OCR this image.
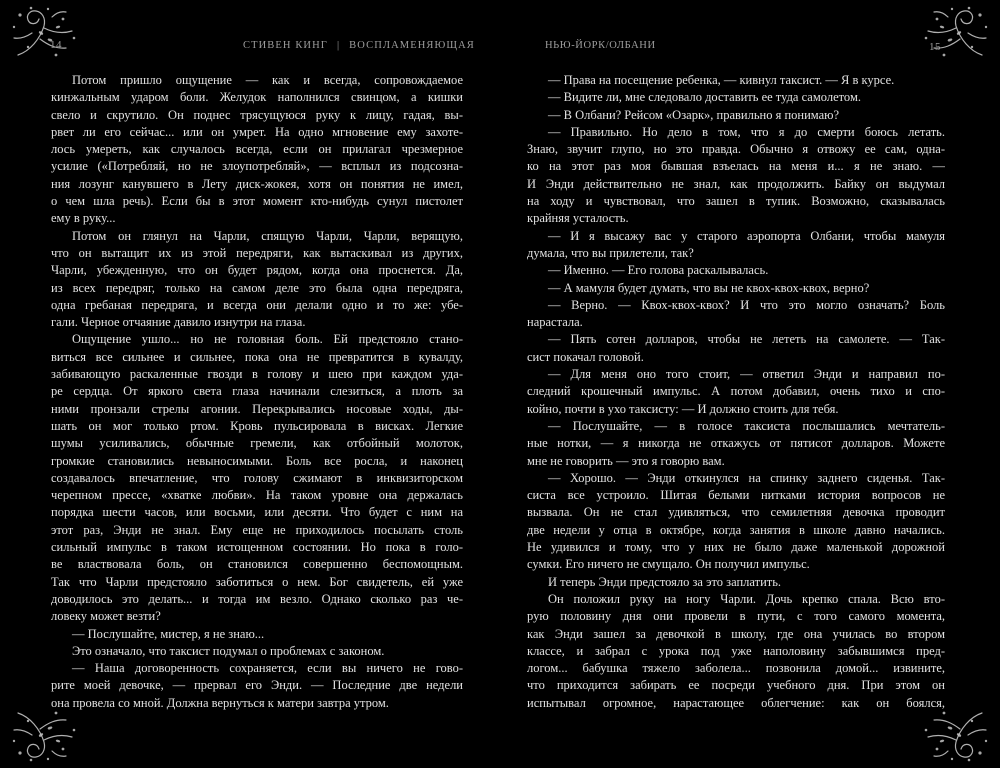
14	СТИВЕН КИНГ | ВОСПЛАМЕНЯЮЩАЯ	НЬЮ-ЙОРК/ОЛБАНИ	15
Потом пришло ощущение — как и всегда, сопровождаемое
кинжальным ударом боли. Желудок наполнился свинцом, а кишки
свело и скрутило. Он поднес трясущуюся руку к лицу, гадая, вы-
рвет ли его сейчас... или он умрет. На одно мгновение ему захоте-
лось умереть, как случалось всегда, если он прилагал чрезмерное
усилие («Потребляй, но не злоупотребляй», — всплыл из подсозна-
ния лозунг канувшего в Лету диск-жокея, хотя он понятия не имел,
о чем шла речь). Если бы в этот момент кто-нибудь сунул пистолет
ему в руку...
Потом он глянул на Чарли, спящую Чарли, Чарли, верящую,
что он вытащит их из этой передряги, как вытаскивал из других,
Чарли, убежденную, что он будет рядом, когда она проснется. Да,
из всех передряг, только на самом деле это была одна передряга,
одна гребаная передряга, и всегда они делали одно и то же: убе-
гали. Черное отчаяние давило изнутри на глаза.
Ощущение ушло... но не головная боль. Ей предстояло стано-
виться все сильнее и сильнее, пока она не превратится в кувалду,
забивающую раскаленные гвозди в голову и шею при каждом уда-
ре сердца. От яркого света глаза начинали слезиться, а плоть за
ними пронзали стрелы агонии. Перекрывались носовые ходы, ды-
шать он мог только ртом. Кровь пульсировала в висках. Легкие
шумы усиливались, обычные гремели, как отбойный молоток,
громкие становились невыносимыми. Боль все росла, и наконец
создавалось впечатление, что голову сжимают в инквизиторском
черепном прессе, «хватке любви». На таком уровне она держалась
порядка шести часов, или восьми, или десяти. Что будет с ним на
этот раз, Энди не знал. Ему еще не приходилось посылать столь
сильный импульс в таком истощенном состоянии. Но пока в голо-
ве властвовала боль, он становился совершенно беспомощным.
Так что Чарли предстояло заботиться о нем. Бог свидетель, ей уже
доводилось это делать... и тогда им везло. Однако сколько раз че-
ловеку может везти?
— Послушайте, мистер, я не знаю...
Это означало, что таксист подумал о проблемах с законом.
— Наша договоренность сохраняется, если вы ничего не гово-
рите моей девочке, — прервал его Энди. — Последние две недели
она провела со мной. Должна вернуться к матери завтра утром.
— Права на посещение ребенка, — кивнул таксист. — Я в курсе.
— Видите ли, мне следовало доставить ее туда самолетом.
— В Олбани? Рейсом «Озарк», правильно я понимаю?
— Правильно. Но дело в том, что я до смерти боюсь летать.
Знаю, звучит глупо, но это правда. Обычно я отвожу ее сам, одна-
ко на этот раз моя бывшая взъелась на меня и... я не знаю. —
И Энди действительно не знал, как продолжить. Байку он выдумал
на ходу и чувствовал, что зашел в тупик. Возможно, сказывалась
крайняя усталость.
— И я высажу вас у старого аэропорта Олбани, чтобы мамуля
думала, что вы прилетели, так?
— Именно. — Его голова раскалывалась.
— А мамуля будет думать, что вы не квох-квох-квох, верно?
— Верно. — Квох-квох-квох? И что это могло означать? Боль
нарастала.
— Пять сотен долларов, чтобы не лететь на самолете. — Так-
сист покачал головой.
— Для меня оно того стоит, — ответил Энди и направил по-
следний крошечный импульс. А потом добавил, очень тихо и спо-
койно, почти в ухо таксисту: — И должно стоить для тебя.
— Послушайте, — в голосе таксиста послышались мечтатель-
ные нотки, — я никогда не откажусь от пятисот долларов. Можете
мне не говорить — это я говорю вам.
— Хорошо. — Энди откинулся на спинку заднего сиденья. Так-
систа все устроило. Шитая белыми нитками история вопросов не
вызвала. Он не стал удивляться, что семилетняя девочка проводит
две недели у отца в октябре, когда занятия в школе давно начались.
Не удивился и тому, что у них не было даже маленькой дорожной
сумки. Его ничего не смущало. Он получил импульс.
И теперь Энди предстояло за это заплатить.
Он положил руку на ногу Чарли. Дочь крепко спала. Всю вто-
рую половину дня они провели в пути, с того самого момента,
как Энди зашел за девочкой в школу, где она училась во втором
классе, и забрал с урока под уже наполовину забывшимся пред-
логом... бабушка тяжело заболела... позвонила домой... извините,
что приходится забирать ее посреди учебного дня. При этом он
испытывал огромное, нарастающее облегчение: как он боялся,
